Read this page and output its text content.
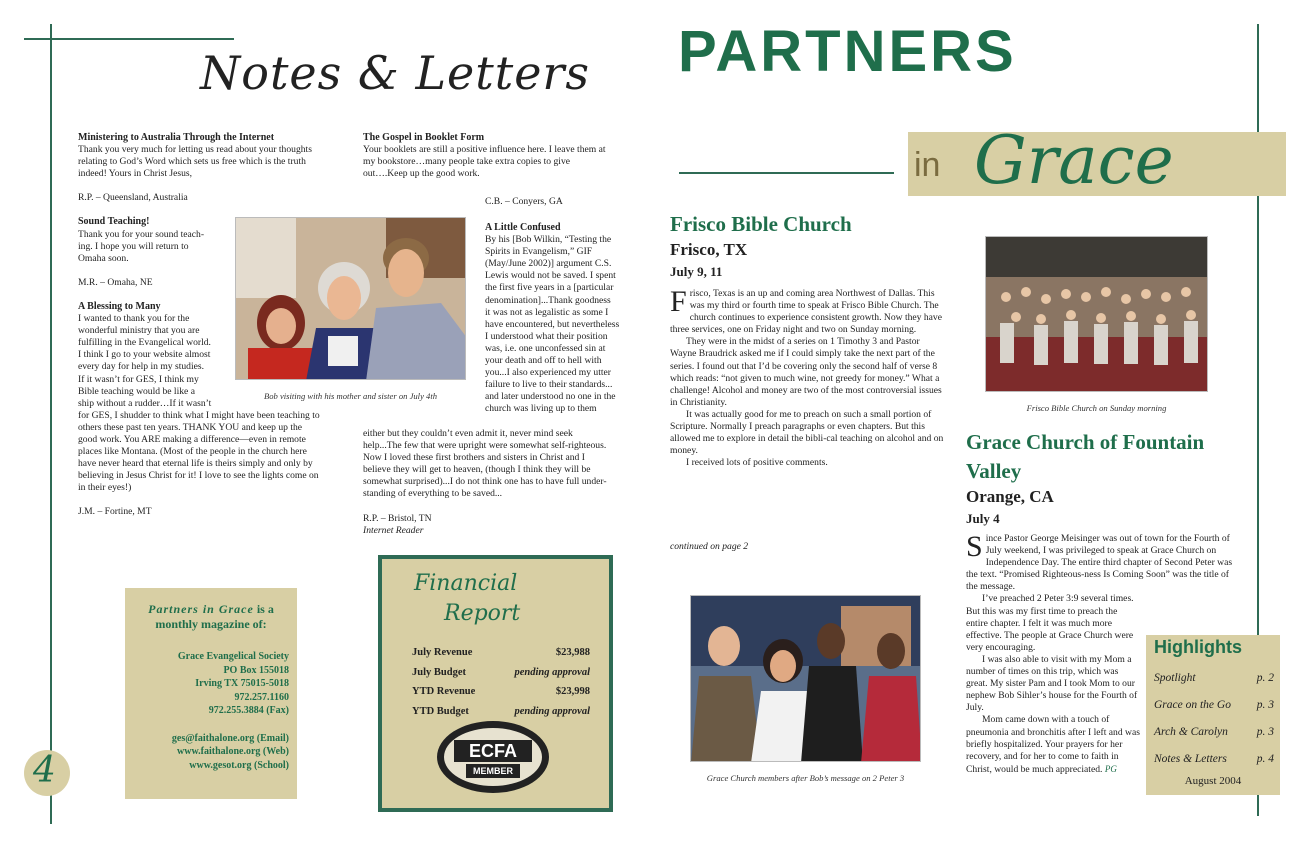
Notes & Letters

Ministering to Australia Through the Internet

Thank you very much for letting us read about your thoughts

relating to God’s Word which sets us free which is the truth

indeed! Yours in Christ Jesus,

R.P. – Queensland, Australia

Sound Teaching!

Thank you for your sound teach-

ing. I hope you will return to

Omaha soon.

M.R. – Omaha, NE

A Blessing to Many

I wanted to thank you for the

wonderful ministry that you are

fulfilling in the Evangelical world.

I think I go to your website almost

every day for help in my studies.

If it wasn’t for GES, I think my

Bible teaching would be like a

ship without a rudder…If it wasn’t

for GES, I shudder to think what I might have been teaching to

others these past ten years. THANK YOU and keep up the

good work. You ARE making a difference—even in remote

places like Montana. (Most of the people in the church here

have never heard that eternal life is theirs simply and only by

believing in Jesus Christ for it! I love to see the lights come on

in their eyes!)

J.M. – Fortine, MT

The Gospel in Booklet Form

Your booklets are still a positive influence here. I leave them at

my bookstore…many people take extra copies to give

out….Keep up the good work.

C.B. – Conyers, GA

A Little Confused

By his [Bob Wilkin, “Testing the

Spirits in Evangelism,” GIF

(May/June 2002)] argument C.S.

Lewis would not be saved. I spent

the first five years in a [particular

denomination]...Thank goodness

it was not as legalistic as some I

have encountered, but nevertheless

I understood what their position

was, i.e. one unconfessed sin at

your death and off to hell with

you...I also experienced my utter

failure to live to their standards...

and later understood no one in the

church was living up to them

either but they couldn’t even admit it, never mind seek

help...The few that were upright were somewhat self-righteous.

Now I loved these first brothers and sisters in Christ and I

believe they will get to heaven, (though I think they will be

somewhat surprised)...I do not think one has to have full under-

standing of everything to be saved...

R.P. – Bristol, TN

Internet Reader

Bob visiting with his mother and sister on July 4th
Partners in Grace is a
monthly magazine of:

Grace Evangelical Society

PO Box 155018

Irving TX 75015-5018

972.257.1160

972.255.3884 (Fax)

ges@faithalone.org (Email)

www.faithalone.org (Web)

www.gesot.org (School)

4
Financial
Report
July Revenue	$23,988
July Budget	pending approval
YTD Revenue	$23,998
YTD Budget	pending approval
ECFA
MEMBER
PARTNERS
in Grace
Frisco Bible Church
Frisco, TX
July 9, 11

Frisco, Texas is an up and coming area Northwest of Dallas. This was my third or fourth time to speak at Frisco Bible Church. The church continues to experience consistent growth. Now they have three services, one on Friday night and two on Sunday morning.

They were in the midst of a series on 1 Timothy 3 and Pastor Wayne Braudrick asked me if I could simply take the next part of the series. I found out that I’d be covering only the second half of verse 8 which reads: “not given to much wine, not greedy for money.” What a challenge! Alcohol and money are two of the most controversial issues in Christianity.

It was actually good for me to preach on such a small portion of Scripture. Normally I preach paragraphs or even chapters. But this allowed me to explore in detail the bibli-cal teaching on alcohol and on money.

I received lots of positive comments.

continued on page 2
Frisco Bible Church on Sunday morning
Grace Church members after Bob’s message on 2 Peter 3
Grace Church of Fountain Valley
Orange, CA
July 4

Since Pastor George Meisinger was out of town for the Fourth of July weekend, I was privileged to speak at Grace Church on Independence Day. The entire third chapter of Second Peter was the text. “Promised Righteous-ness Is Coming Soon” was the title of the message.

I’ve preached 2 Peter 3:9 several times. But this was my first time to preach the entire chapter. I felt it was much more effective. The people at Grace Church were very encouraging.

I was also able to visit with my Mom a number of times on this trip, which was great. My sister Pam and I took Mom to our nephew Bob Sihler’s house for the Fourth of July.

Mom came down with a touch of pneumonia and bronchitis after I left and was briefly hospitalized. Your prayers for her recovery, and for her to come to faith in Christ, would be much appreciated. PG

Highlights
Spotlight	p. 2
Grace on the Go p. 3
Arch & Carolyn	p. 3
Notes & Letters	p. 4
August 2004
